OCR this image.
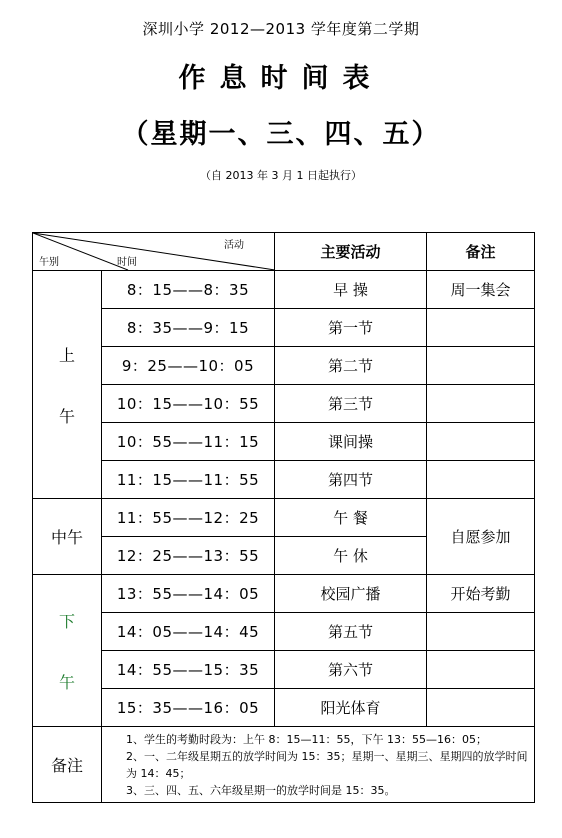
深圳小学 2012—2013 学年度第二学期
作息时间表
（星期一、三、四、五）
（自 2013 年 3 月 1 日起执行）
活动
时间
午别		主要活动	备注
上

午	8：15——8：35	早 操	周一集会
	8：35——9：15	第一节	
	9：25——10：05	第二节	
	10：15——10：55	第三节	
	10：55——11：15	课间操	
	11：15——11：55	第四节	
中午	11：55——12：25	午 餐	自愿参加
	12：25——13：55	午 休	
下

午	13：55——14：05	校园广播	开始考勤
	14：05——14：45	第五节	
	14：55——15：35	第六节	
	15：35——16：05	阳光体育	
备注	1、学生的考勤时段为：上午 8：15—11：55，下午 13：55—16：05；
2、一、二年级星期五的放学时间为 15：35；星期一、星期三、星期四的放学时间为 14：45；
3、三、四、五、六年级星期一的放学时间是 15：35。		
